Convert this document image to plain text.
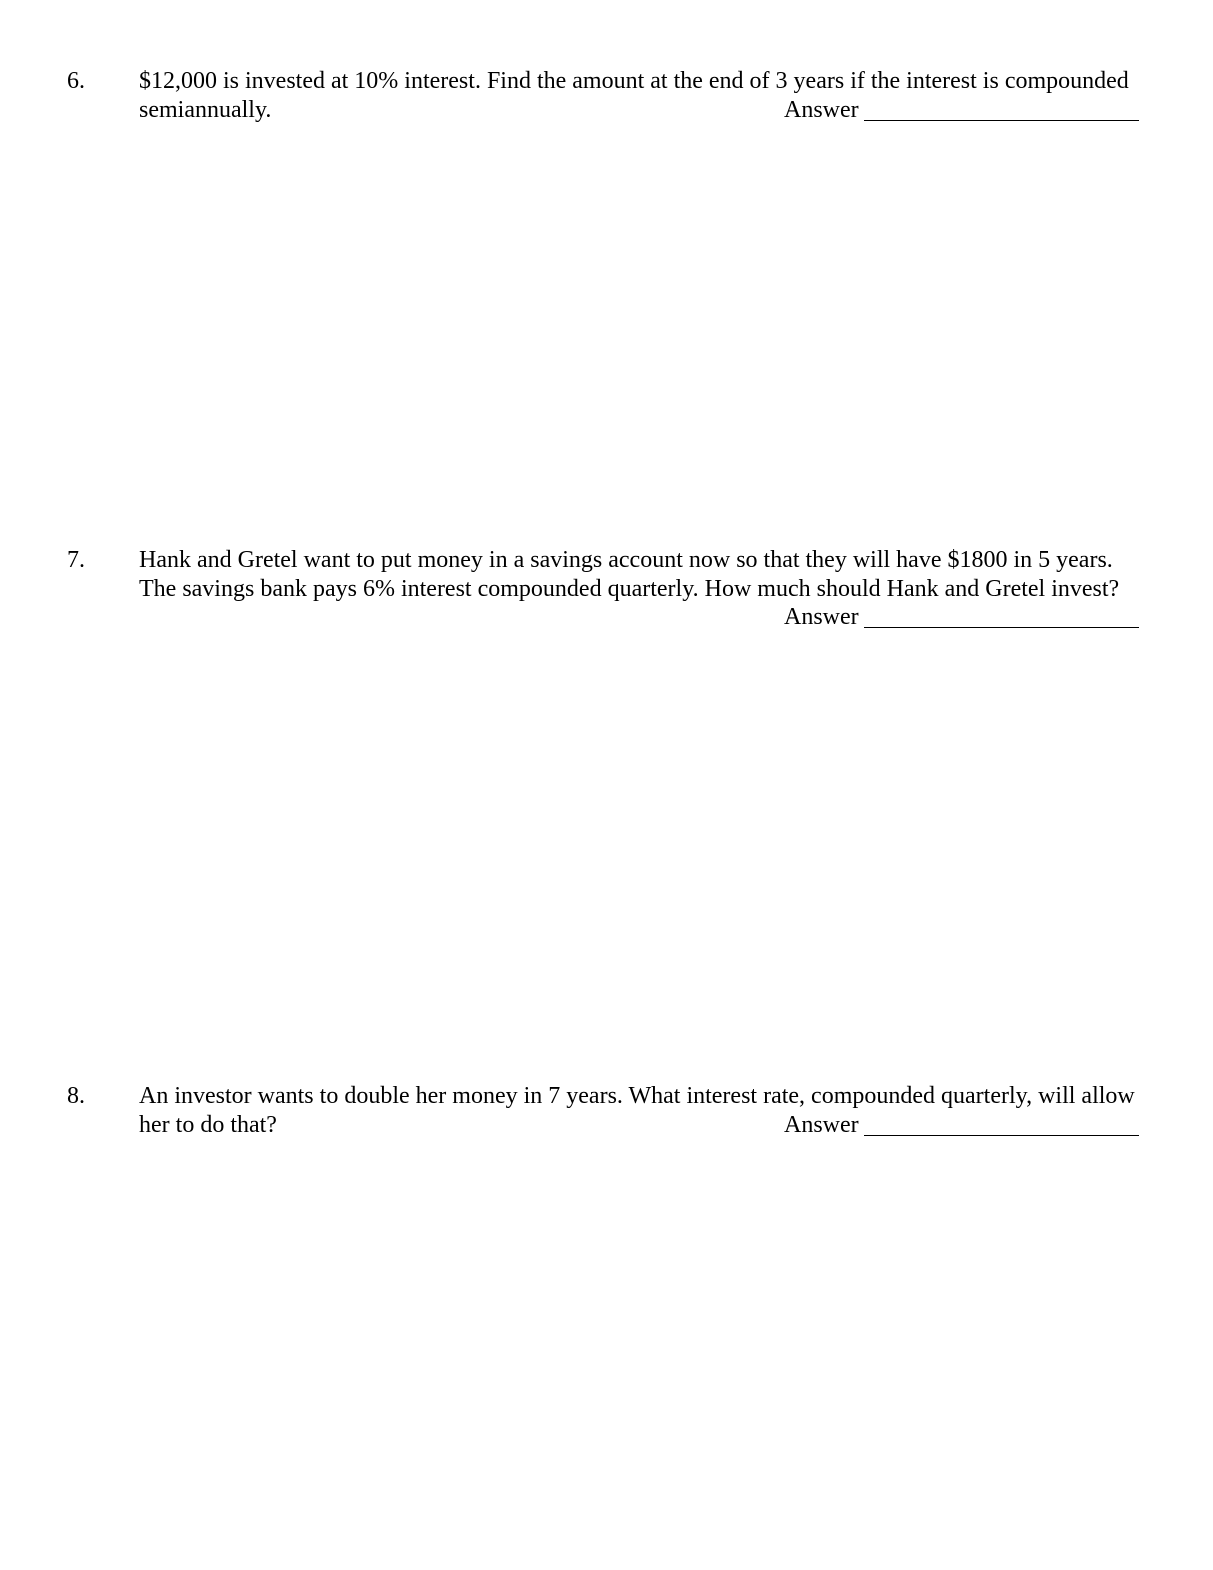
6. $12,000 is invested at 10% interest. Find the amount at the end of 3 years if the interest is compounded
semiannually.	Answer
7. Hank and Gretel want to put money in a savings account now so that they will have $1800 in 5 years.
The savings bank pays 6% interest compounded quarterly. How much should Hank and Gretel invest?
Answer
8. An investor wants to double her money in 7 years. What interest rate, compounded quarterly, will allow
her to do that?	Answer
